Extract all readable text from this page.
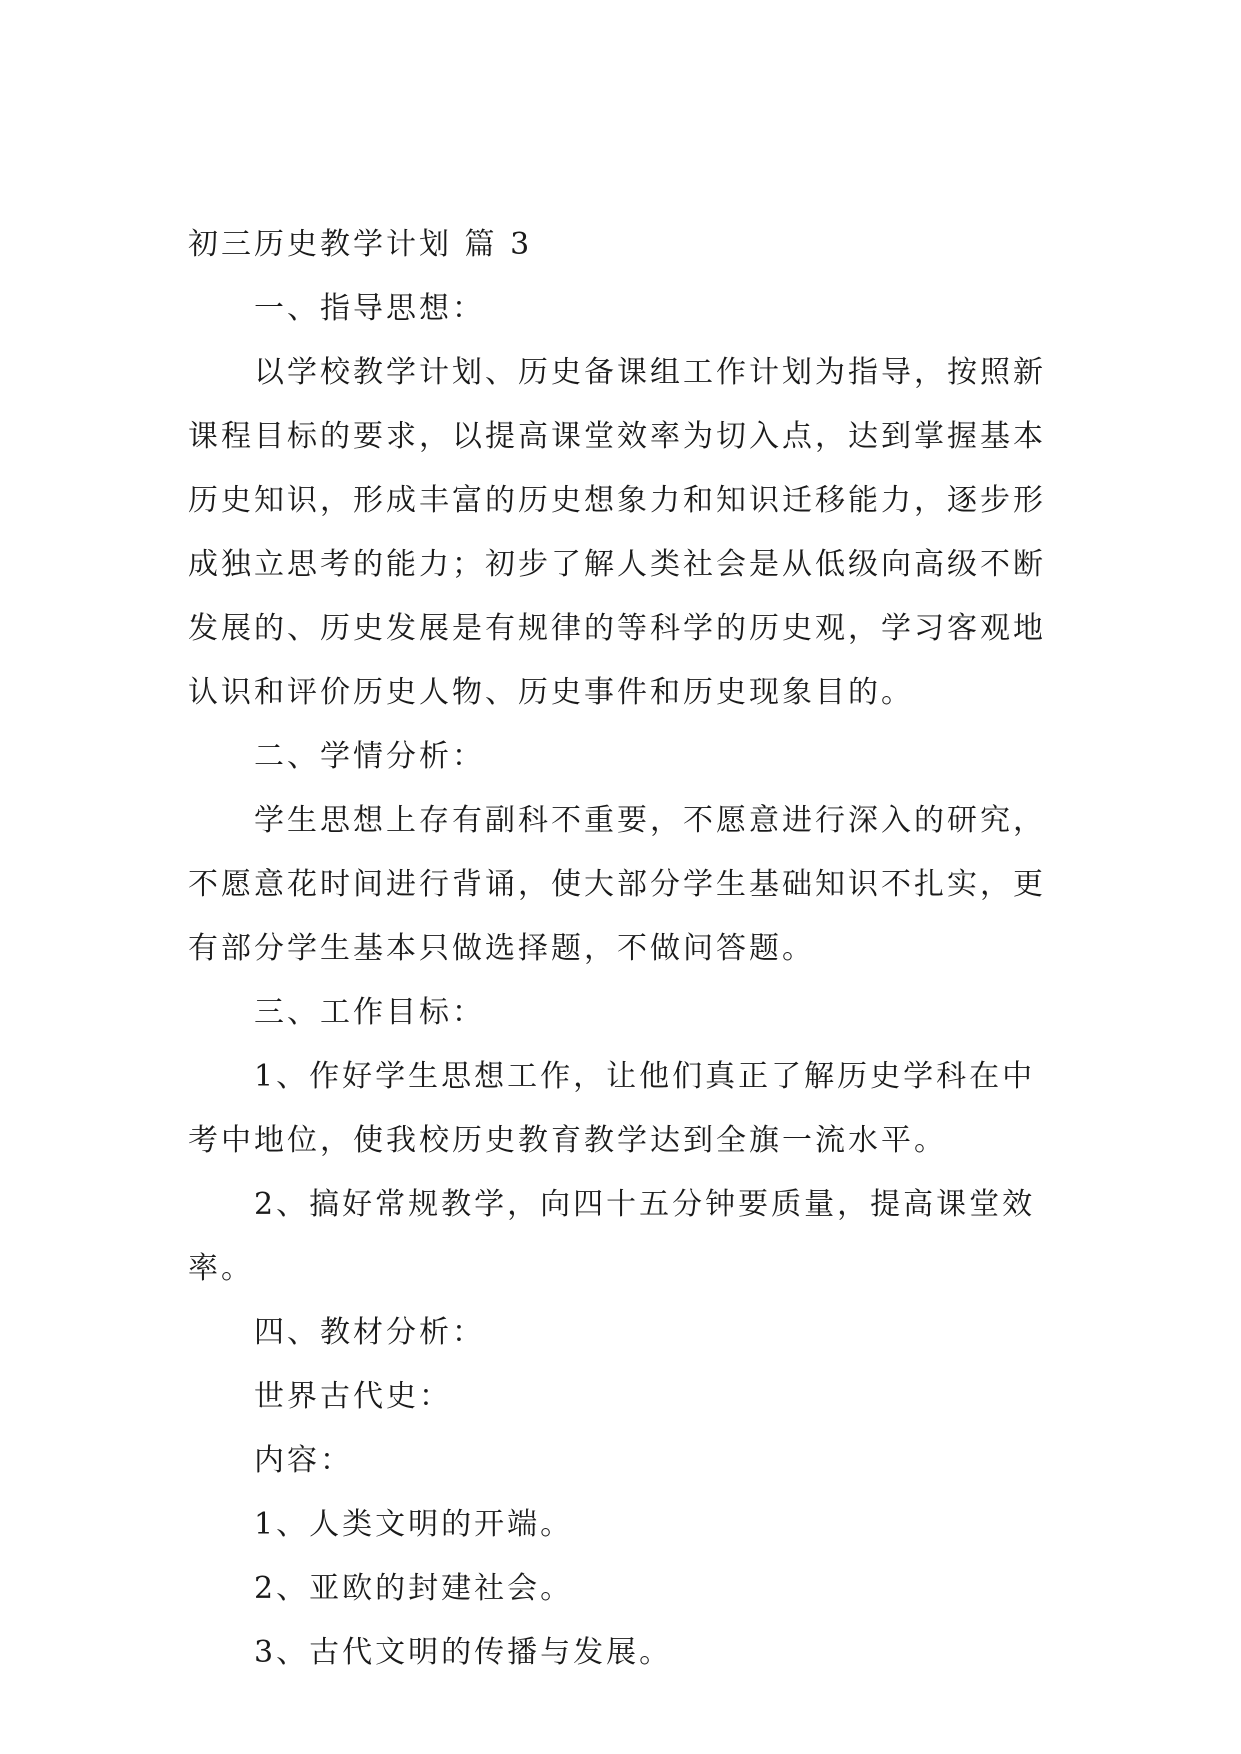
初三历史教学计划 篇 3
一、指导思想：
以学校教学计划、历史备课组工作计划为指导，按照新
课程目标的要求，以提高课堂效率为切入点，达到掌握基本
历史知识，形成丰富的历史想象力和知识迁移能力，逐步形
成独立思考的能力；初步了解人类社会是从低级向高级不断
发展的、历史发展是有规律的等科学的历史观，学习客观地
认识和评价历史人物、历史事件和历史现象目的。
二、学情分析：
学生思想上存有副科不重要，不愿意进行深入的研究，
不愿意花时间进行背诵，使大部分学生基础知识不扎实，更
有部分学生基本只做选择题，不做问答题。
三、工作目标：
1、作好学生思想工作，让他们真正了解历史学科在中
考中地位，使我校历史教育教学达到全旗一流水平。
2、搞好常规教学，向四十五分钟要质量，提高课堂效
率。
四、教材分析：
世界古代史：
内容：
1、人类文明的开端。
2、亚欧的封建社会。
3、古代文明的传播与发展。
